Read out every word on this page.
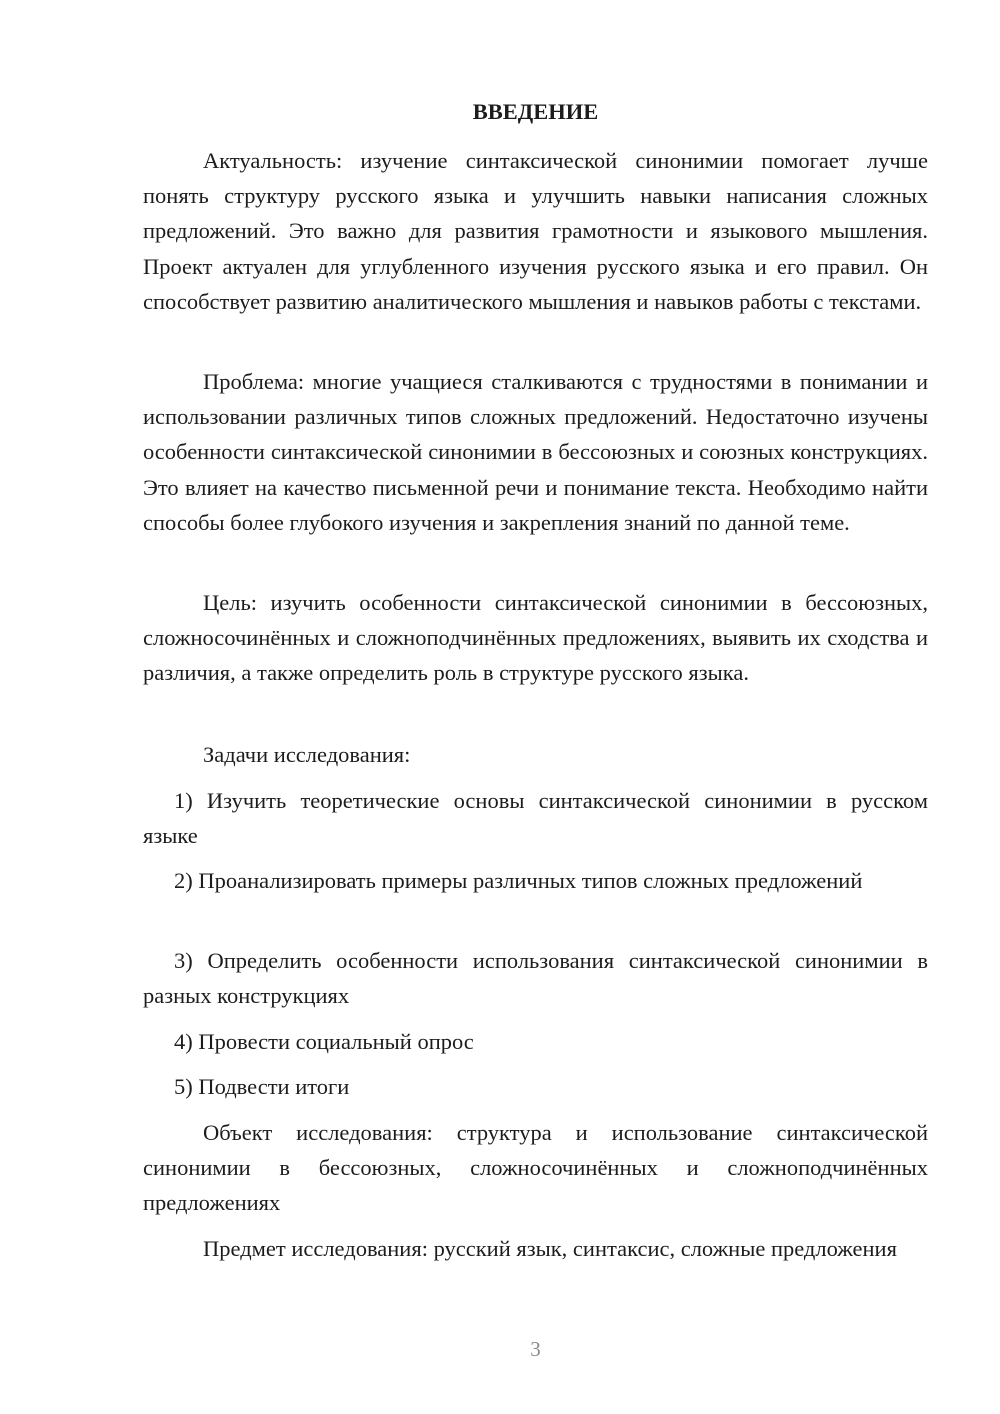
ВВЕДЕНИЕ

Актуальность: изучение синтаксической синонимии помогает лучше понять структуру русского языка и улучшить навыки написания сложных предложений. Это важно для развития грамотности и языкового мышления. Проект актуален для углубленного изучения русского языка и его правил. Он способствует развитию аналитического мышления и навыков работы с текстами.

Проблема: многие учащиеся сталкиваются с трудностями в понимании и использовании различных типов сложных предложений. Недостаточно изучены особенности синтаксической синонимии в бессоюзных и союзных конструкциях. Это влияет на качество письменной речи и понимание текста. Необходимо найти способы более глубокого изучения и закрепления знаний по данной теме.

Цель: изучить особенности синтаксической синонимии в бессоюзных, сложносочинённых и сложноподчинённых предложениях, выявить их сходства и различия, а также определить роль в структуре русского языка.

Задачи исследования:

1) Изучить теоретические основы синтаксической синонимии в русском языке

2) Проанализировать примеры различных типов сложных предложений

3) Определить особенности использования синтаксической синонимии в разных конструкциях

4) Провести социальный опрос

5) Подвести итоги

Объект исследования: структура и использование синтаксической синонимии в бессоюзных, сложносочинённых и сложноподчинённых предложениях

Предмет исследования: русский язык, синтаксис, сложные предложения

3
